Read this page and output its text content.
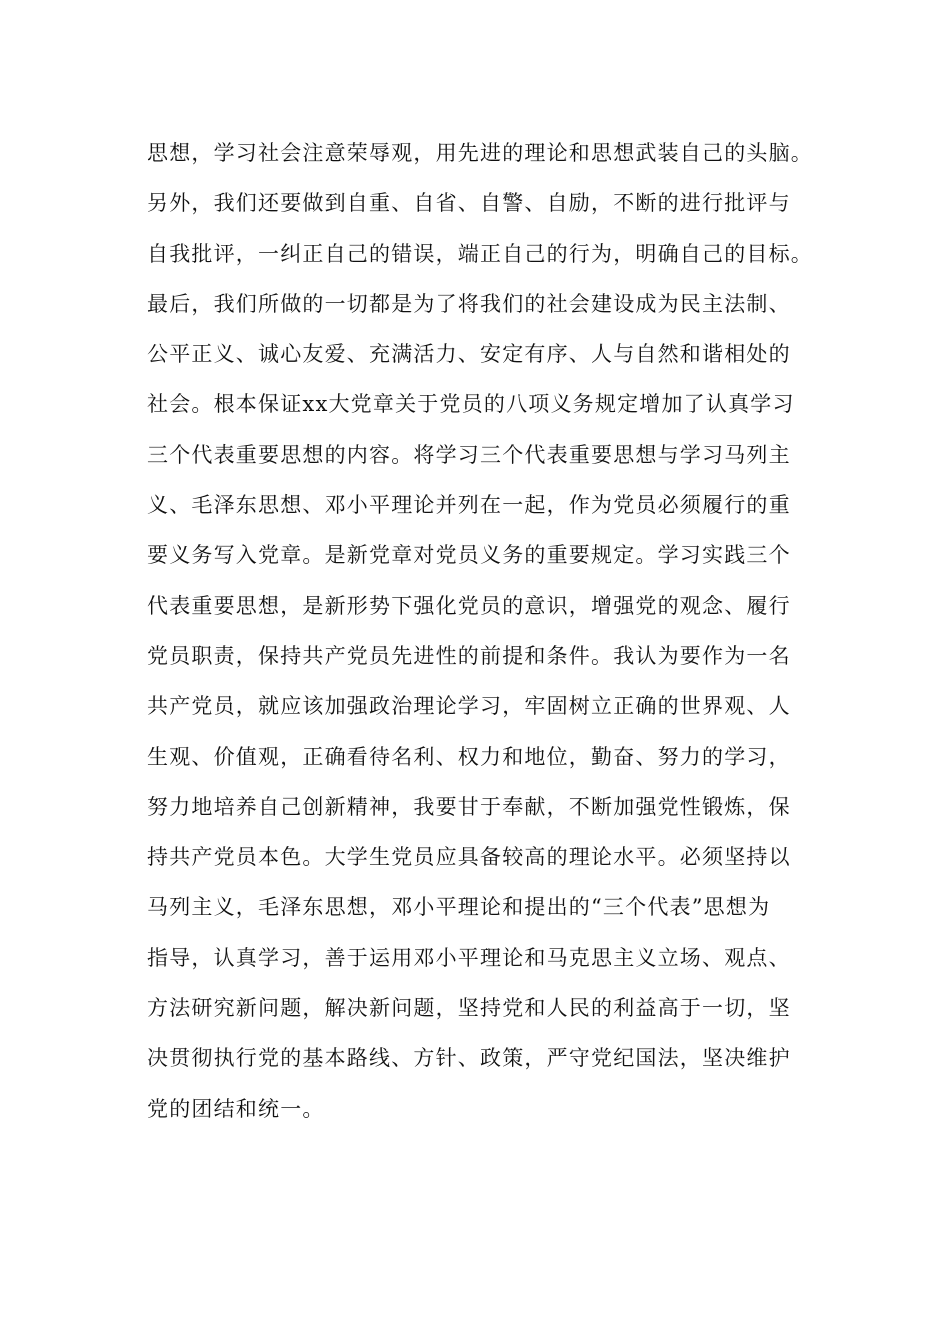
思想，学习社会注意荣辱观，用先进的理论和思想武装自己的头脑。
另外，我们还要做到自重、自省、自警、自励，不断的进行批评与
自我批评，一纠正自己的错误，端正自己的行为，明确自己的目标。
最后，我们所做的一切都是为了将我们的社会建设成为民主法制、
公平正义、诚心友爱、充满活力、安定有序、人与自然和谐相处的
社会。根本保证xx大党章关于党员的八项义务规定增加了认真学习
三个代表重要思想的内容。将学习三个代表重要思想与学习马列主
义、毛泽东思想、邓小平理论并列在一起，作为党员必须履行的重
要义务写入党章。是新党章对党员义务的重要规定。学习实践三个
代表重要思想，是新形势下强化党员的意识，增强党的观念、履行
党员职责，保持共产党员先进性的前提和条件。我认为要作为一名
共产党员，就应该加强政治理论学习，牢固树立正确的世界观、人
生观、价值观，正确看待名利、权力和地位，勤奋、努力的学习，
努力地培养自己创新精神，我要甘于奉献，不断加强党性锻炼，保
持共产党员本色。大学生党员应具备较高的理论水平。必须坚持以
马列主义，毛泽东思想，邓小平理论和提出的“三个代表”思想为
指导，认真学习，善于运用邓小平理论和马克思主义立场、观点、
方法研究新问题，解决新问题，坚持党和人民的利益高于一切，坚
决贯彻执行党的基本路线、方针、政策，严守党纪国法，坚决维护
党的团结和统一。
